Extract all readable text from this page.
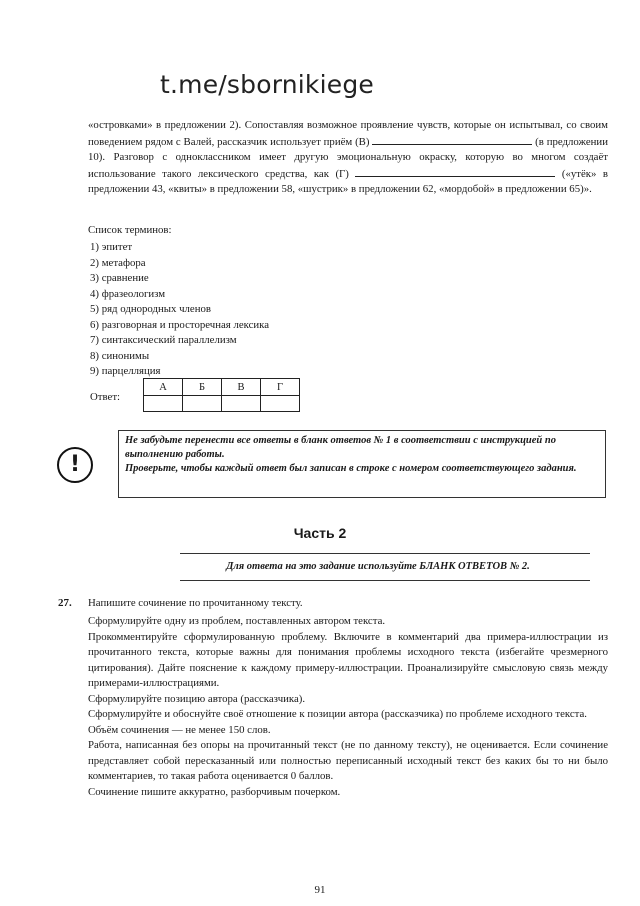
t.me/sbornikiege
«островками» в предложении 2). Сопоставляя возможное проявление чувств, которые он испытывал, со своим поведением рядом с Валей, рассказчик использует приём (В)	(в предложении 10). Разговор с одноклассником имеет другую эмоциональную окраску, которую во многом создаёт использование такого лексического средства, как (Г)	(«утёк» в предложении 43, «квиты» в предложении 58, «шустрик» в предложении 62, «мордобой» в предложении 65)».
Список терминов:
1) эпитет
2) метафора
3) сравнение
4) фразеологизм
5) ряд однородных членов
6) разговорная и просторечная лексика
7) синтаксический параллелизм
8) синонимы
9) парцелляция
Ответ:
А	Б	В	Г

!

Не забудьте перенести все ответы в бланк ответов № 1 в соответствии с инструкцией по выполнению работы.

Проверьте, чтобы каждый ответ был записан в строке с номером соответствующего задания.

Часть 2
Для ответа на это задание используйте БЛАНК ОТВЕТОВ № 2.
27. Напишите сочинение по прочитанному тексту.

Сформулируйте одну из проблем, поставленных автором текста.

Прокомментируйте сформулированную проблему. Включите в комментарий два примера-иллюстрации из прочитанного текста, которые важны для понимания проблемы исходного текста (избегайте чрезмерного цитирования). Дайте пояснение к каждому примеру-иллюстрации. Проанализируйте смысловую связь между примерами-иллюстрациями.

Сформулируйте позицию автора (рассказчика).

Сформулируйте и обоснуйте своё отношение к позиции автора (рассказчика) по проблеме исходного текста.

Объём сочинения — не менее 150 слов.

Работа, написанная без опоры на прочитанный текст (не по данному тексту), не оценивается. Если сочинение представляет собой пересказанный или полностью переписанный исходный текст без каких бы то ни было комментариев, то такая работа оценивается 0 баллов.

Сочинение пишите аккуратно, разборчивым почерком.

91
